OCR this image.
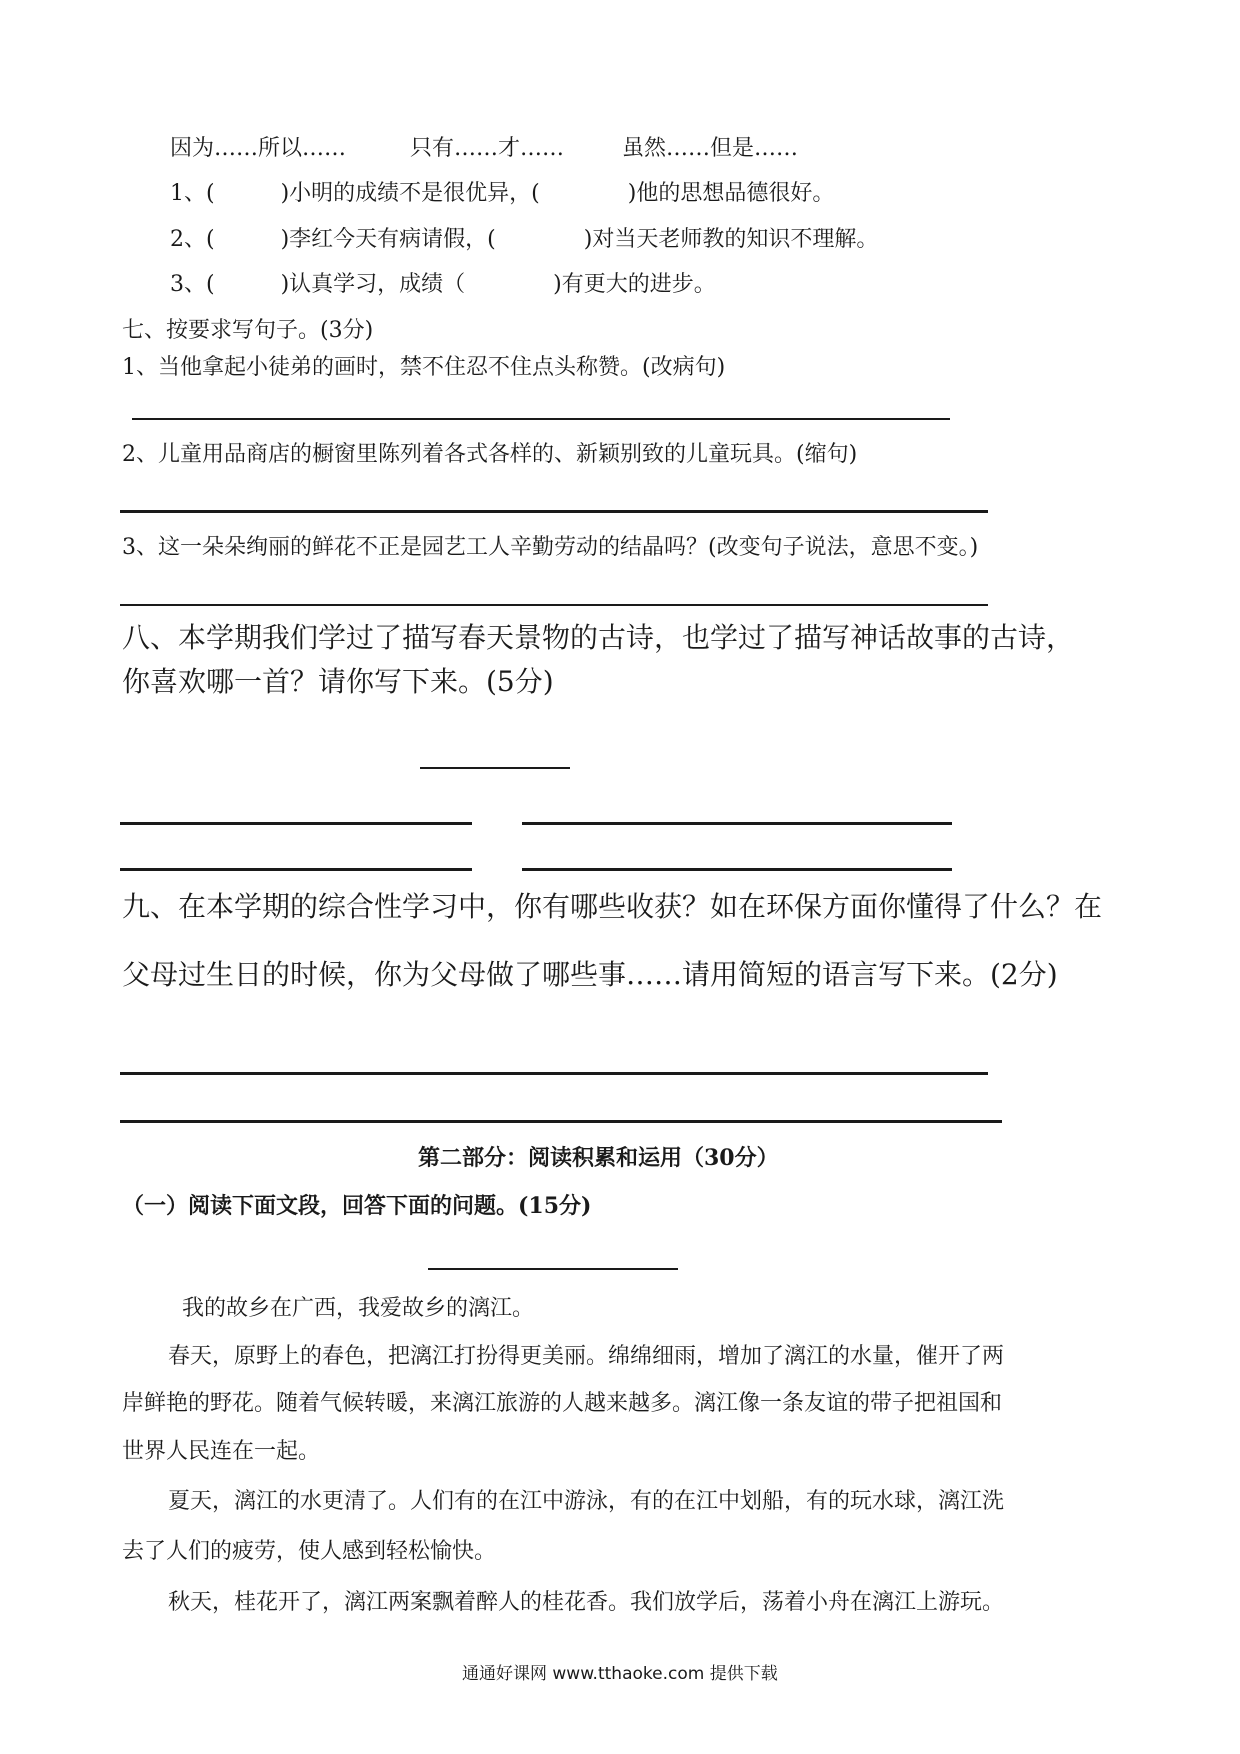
因为……所以……	只有……才……	虽然……但是……
1、(　　　)小明的成绩不是很优异，(　　　　)他的思想品德很好。
2、(　　　)李红今天有病请假，(　　　　)对当天老师教的知识不理解。
3、(　　　)认真学习，成绩（　　　　)有更大的进步。
七、按要求写句子。(3分)
1、当他拿起小徒弟的画时，禁不住忍不住点头称赞。(改病句)
2、儿童用品商店的橱窗里陈列着各式各样的、新颖别致的儿童玩具。(缩句)
3、这一朵朵绚丽的鲜花不正是园艺工人辛勤劳动的结晶吗？(改变句子说法，意思不变。)
八、本学期我们学过了描写春天景物的古诗，也学过了描写神话故事的古诗，
你喜欢哪一首？请你写下来。(5分)
九、在本学期的综合性学习中，你有哪些收获？如在环保方面你懂得了什么？在
父母过生日的时候，你为父母做了哪些事……请用简短的语言写下来。(2分)
第二部分：阅读积累和运用（30分）
（一）阅读下面文段，回答下面的问题。(15分)
我的故乡在广西，我爱故乡的漓江。
春天，原野上的春色，把漓江打扮得更美丽。绵绵细雨，增加了漓江的水量，催开了两
岸鲜艳的野花。随着气候转暖，来漓江旅游的人越来越多。漓江像一条友谊的带子把祖国和
世界人民连在一起。
夏天，漓江的水更清了。人们有的在江中游泳，有的在江中划船，有的玩水球，漓江洗
去了人们的疲劳，使人感到轻松愉快。
秋天，桂花开了，漓江两案飘着醉人的桂花香。我们放学后，荡着小舟在漓江上游玩。
通通好课网 www.tthaoke.com 提供下载
